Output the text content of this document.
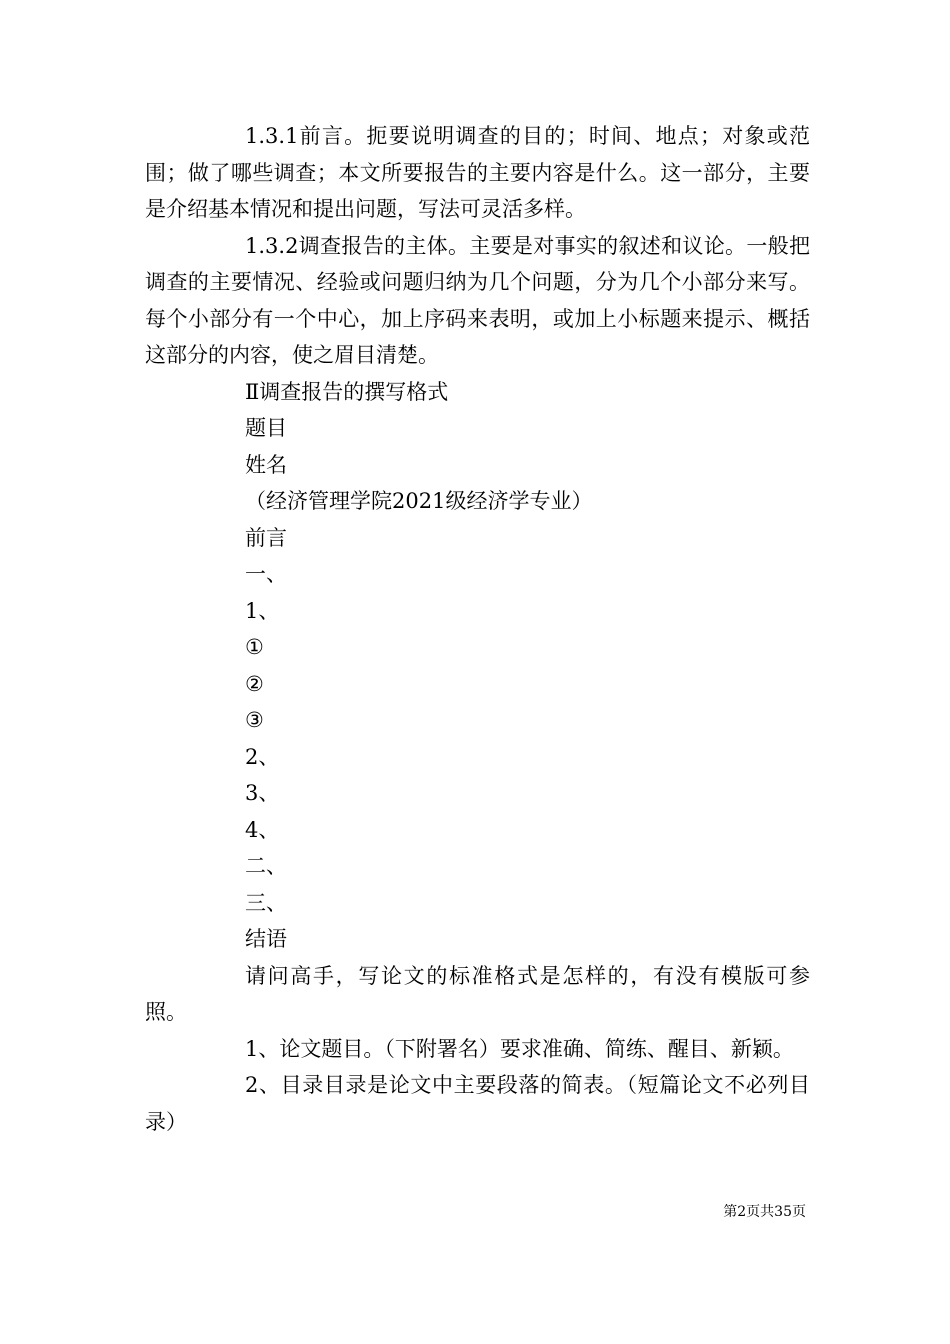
1.3.1前言。扼要说明调查的目的；时间、地点；对象或范围；做了哪些调查；本文所要报告的主要内容是什么。这一部分，主要是介绍基本情况和提出问题，写法可灵活多样。

1.3.2调查报告的主体。主要是对事实的叙述和议论。一般把调查的主要情况、经验或问题归纳为几个问题，分为几个小部分来写。每个小部分有一个中心，加上序码来表明，或加上小标题来提示、概括这部分的内容，使之眉目清楚。

Ⅱ调查报告的撰写格式

题目

姓名

（经济管理学院2021级经济学专业）

前言

一、

1、

①

②

③

2、

3、

4、

二、

三、

结语

请问高手，写论文的标准格式是怎样的，有没有模版可参照。

1、论文题目。（下附署名）要求准确、简练、醒目、新颖。

2、目录目录是论文中主要段落的简表。（短篇论文不必列目录）

第2页共35页
